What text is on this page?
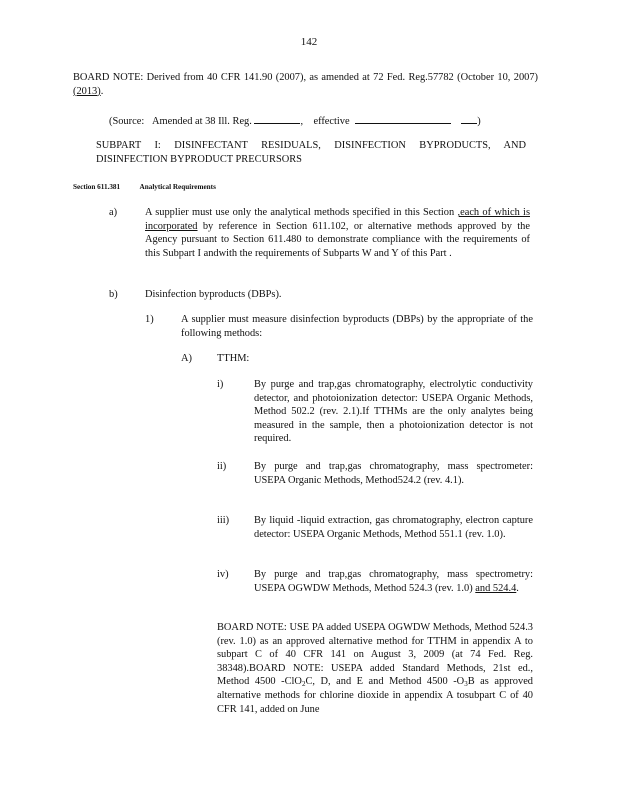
142
BOARD NOTE: Derived from 40 CFR 141.90 (2007), as amended at 72 Fed. Reg.57782 (October 10, 2007) (2013).
(Source: Amended at 38 Ill. Reg.	, effective	)
SUBPART I: DISINFECTANT RESIDUALS, DISINFECTION BYPRODUCTS, AND DISINFECTION BYPRODUCT PRECURSORS
Section 611.381	Analytical Requirements
a)	A supplier must use only the analytical methods specified in this Section ,each of which is incorporated by reference in Section 611.102, or alternative methods approved by the Agency pursuant to Section 611.480 to demonstrate compliance with the requirements of this Subpart I andwith the requirements of Subparts W and Y of this Part .
b)	Disinfection byproducts (DBPs).
1)	A supplier must measure disinfection byproducts (DBPs) by the appropriate of the following methods:
A)	TTHM:
i)	By purge and trap,gas chromatography, electrolytic conductivity detector, and photoionization detector: USEPA Organic Methods, Method 502.2 (rev. 2.1).If TTHMs are the only analytes being measured in the sample, then a photoionization detector is not required.
ii)	By purge and trap,gas chromatography, mass spectrometer: USEPA Organic Methods, Method524.2 (rev. 4.1).
iii)	By liquid -liquid extraction, gas chromatography, electron capture detector: USEPA Organic Methods, Method 551.1 (rev. 1.0).
iv)	By purge and trap,gas chromatography, mass spectrometry: USEPA OGWDW Methods, Method 524.3 (rev. 1.0) and 524.4.
BOARD NOTE: USE PA added USEPA OGWDW Methods, Method 524.3 (rev. 1.0) as an approved alternative method for TTHM in appendix A to subpart C of 40 CFR 141 on August 3, 2009 (at 74 Fed. Reg. 38348).BOARD NOTE: USEPA added Standard Methods, 21st ed., Method 4500 -ClO$_2$C, D, and E and Method 4500 $-O_3B$ as approved alternative methods for chlorine dioxide in appendix A tosubpart C of 40 CFR 141, added on June
